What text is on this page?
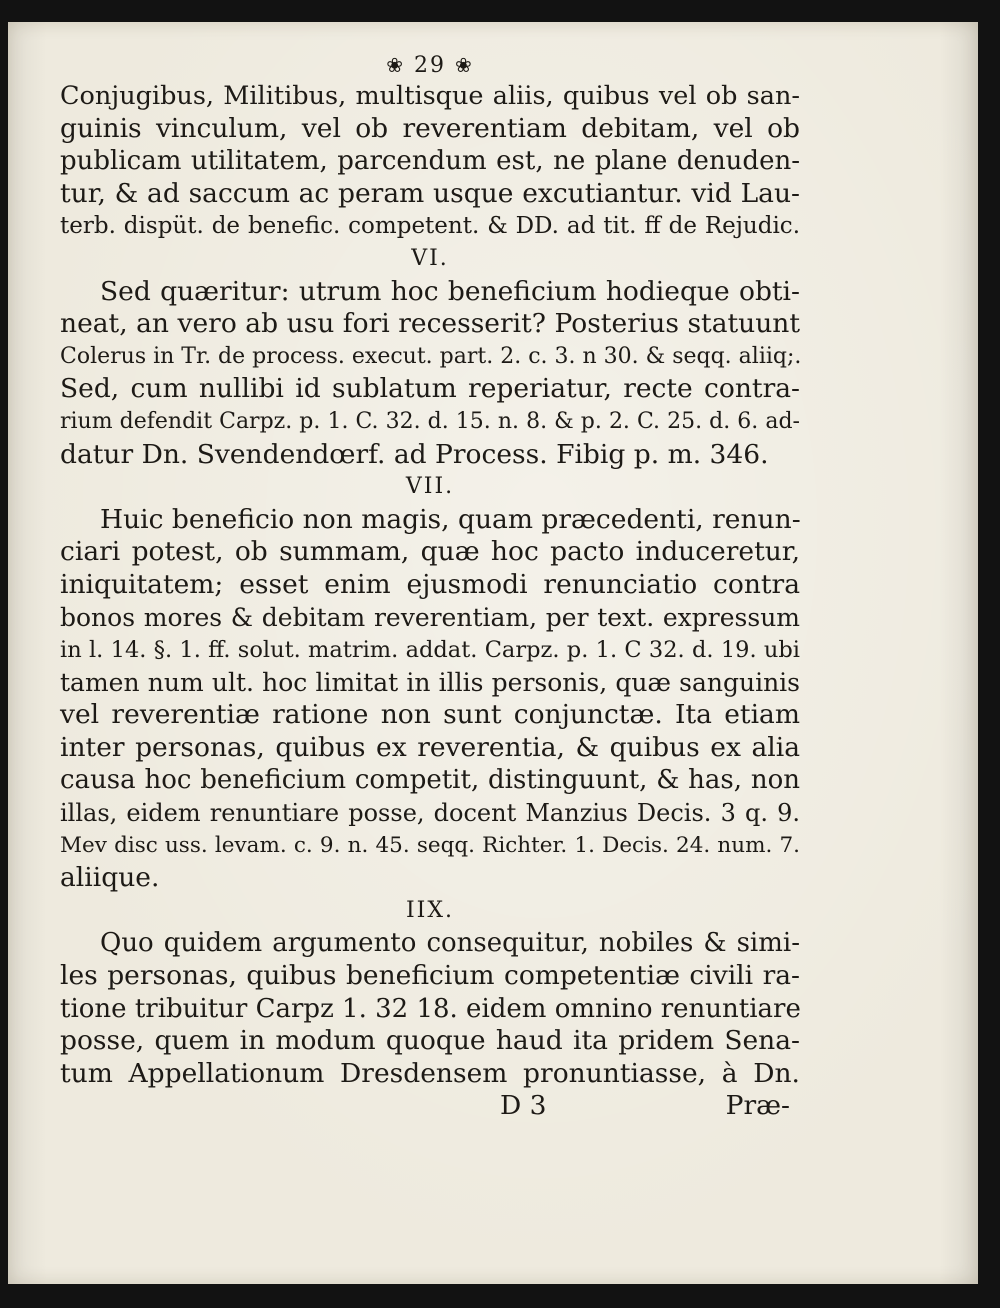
❀ 29 ❀
Conjugibus, Militibus, multisque aliis, quibus vel ob san-
guinis vinculum, vel ob reverentiam debitam, vel ob
publicam utilitatem, parcendum est, ne plane denuden-
tur, & ad saccum ac peram usque excutiantur. vid Lau-
terb. dispüt. de benefic. competent. & DD. ad tit. ff de Rejudic.
VI.
Sed quæritur: utrum hoc beneficium hodieque obti-
neat, an vero ab usu fori recesserit? Posterius statuunt
Colerus in Tr. de process. execut. part. 2. c. 3. n 30. & seqq. aliiq;.
Sed, cum nullibi id sublatum reperiatur, recte contra-
rium defendit Carpz. p. 1. C. 32. d. 15. n. 8. & p. 2. C. 25. d. 6. ad-
datur Dn. Svendendœrf. ad Process. Fibig p. m. 346.
VII.
Huic beneficio non magis, quam præcedenti, renun-
ciari potest, ob summam, quæ hoc pacto induceretur,
iniquitatem; esset enim ejusmodi renunciatio contra
bonos mores & debitam reverentiam, per text. expressum
in l. 14. §. 1. ff. solut. matrim. addat. Carpz. p. 1. C 32. d. 19. ubi
tamen num ult. hoc limitat in illis personis, quæ sanguinis
vel reverentiæ ratione non sunt conjunctæ. Ita etiam
inter personas, quibus ex reverentia, & quibus ex alia
causa hoc beneficium competit, distinguunt, & has, non
illas, eidem renuntiare posse, docent Manzius Decis. 3 q. 9.
Mev disc uss. levam. c. 9. n. 45. seqq. Richter. 1. Decis. 24. num. 7.
aliique.
IIX.
Quo quidem argumento consequitur, nobiles & simi-
les personas, quibus beneficium competentiæ civili ra-
tione tribuitur Carpz 1. 32 18. eidem omnino renuntiare
posse, quem in modum quoque haud ita pridem Sena-
tum Appellationum Dresdensem pronuntiasse, à Dn.
D 3	Præ-
